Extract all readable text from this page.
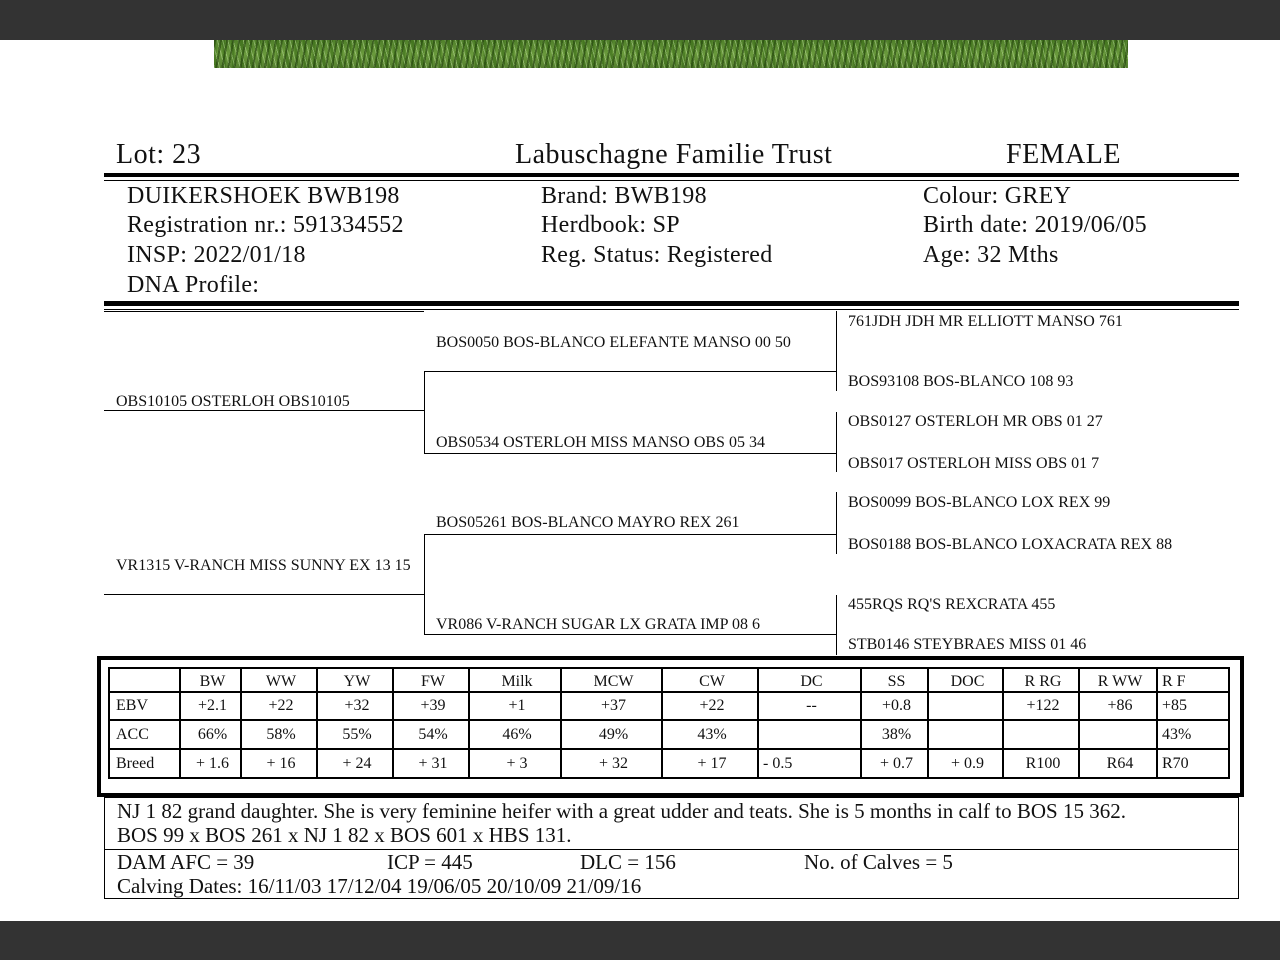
Lot: 23	Labuschagne Familie Trust	FEMALE
DUIKERSHOEK BWB198
Registration nr.: 591334552
INSP: 2022/01/18
DNA Profile:
Brand: BWB198
Herdbook: SP
Reg. Status: Registered
Colour: GREY
Birth date: 2019/06/05
Age: 32 Mths
OBS10105 OSTERLOH OBS10105
VR1315 V-RANCH MISS SUNNY EX 13 15
BOS0050 BOS-BLANCO ELEFANTE MANSO 00 50
OBS0534 OSTERLOH MISS MANSO OBS 05 34
BOS05261 BOS-BLANCO MAYRO REX 261
VR086 V-RANCH SUGAR LX GRATA IMP 08 6
761JDH JDH MR ELLIOTT MANSO 761
BOS93108 BOS-BLANCO 108 93
OBS0127 OSTERLOH MR OBS 01 27
OBS017 OSTERLOH MISS OBS 01 7
BOS0099 BOS-BLANCO LOX REX 99
BOS0188 BOS-BLANCO LOXACRATA REX 88
455RQS RQ'S REXCRATA 455
STB0146 STEYBRAES MISS 01 46
	BW	WW	YW	FW	Milk	MCW	CW	DC	SS	DOC	R RG	R WW	R F
EBV	+2.1	+22	+32	+39	+1	+37	+22	--	+0.8		+122	+86	+85
ACC	66%	58%	55%	54%	46%	49%	43%		38%				43%
Breed	+ 1.6	+ 16	+ 24	+ 31	+ 3	+ 32	+ 17	- 0.5	+ 0.7	+ 0.9	R100	R64	R70
NJ 1 82 grand daughter. She is very feminine heifer with a great udder and teats. She is 5 months in calf to BOS 15 362.
BOS 99 x BOS 261 x NJ 1 82 x BOS 601 x HBS 131.
DAM AFC = 39	ICP = 445	DLC = 156	No. of Calves = 5
Calving Dates: 16/11/03 17/12/04 19/06/05 20/10/09 21/09/16
